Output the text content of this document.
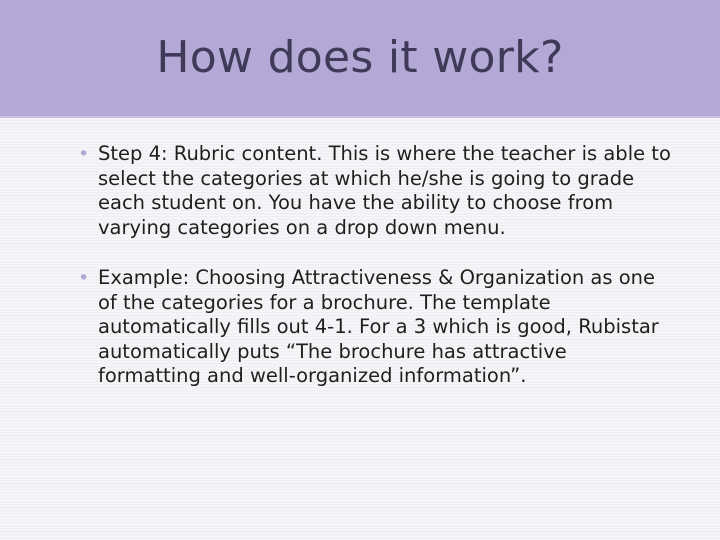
How does it work?
• Step 4: Rubric content. This is where the teacher is able to select the categories at which he/she is going to grade each student on. You have the ability to choose from varying categories on a drop down menu.
• Example: Choosing Attractiveness & Organization as one of the categories for a brochure. The template automatically fills out 4-1. For a 3 which is good, Rubistar automatically puts “The brochure has attractive formatting and well-organized information”.
